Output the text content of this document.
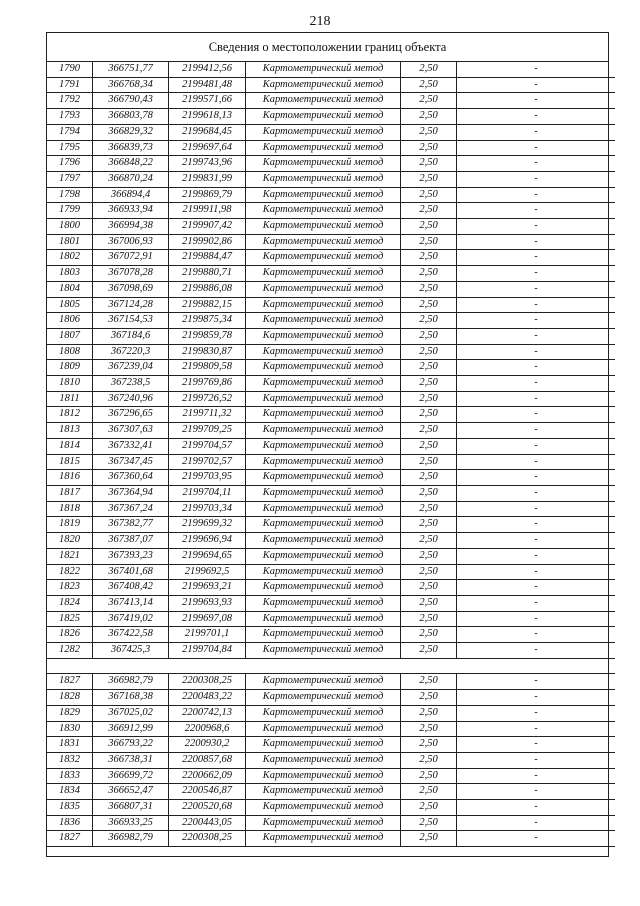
218
Сведения о местоположении границ объекта
1790	366751,77	2199412,56	Картометрический метод	2,50	-
1791	366768,34	2199481,48	Картометрический метод	2,50	-
1792	366790,43	2199571,66	Картометрический метод	2,50	-
1793	366803,78	2199618,13	Картометрический метод	2,50	-
1794	366829,32	2199684,45	Картометрический метод	2,50	-
1795	366839,73	2199697,64	Картометрический метод	2,50	-
1796	366848,22	2199743,96	Картометрический метод	2,50	-
1797	366870,24	2199831,99	Картометрический метод	2,50	-
1798	366894,4	2199869,79	Картометрический метод	2,50	-
1799	366933,94	2199911,98	Картометрический метод	2,50	-
1800	366994,38	2199907,42	Картометрический метод	2,50	-
1801	367006,93	2199902,86	Картометрический метод	2,50	-
1802	367072,91	2199884,47	Картометрический метод	2,50	-
1803	367078,28	2199880,71	Картометрический метод	2,50	-
1804	367098,69	2199886,08	Картометрический метод	2,50	-
1805	367124,28	2199882,15	Картометрический метод	2,50	-
1806	367154,53	2199875,34	Картометрический метод	2,50	-
1807	367184,6	2199859,78	Картометрический метод	2,50	-
1808	367220,3	2199830,87	Картометрический метод	2,50	-
1809	367239,04	2199809,58	Картометрический метод	2,50	-
1810	367238,5	2199769,86	Картометрический метод	2,50	-
1811	367240,96	2199726,52	Картометрический метод	2,50	-
1812	367296,65	2199711,32	Картометрический метод	2,50	-
1813	367307,63	2199709,25	Картометрический метод	2,50	-
1814	367332,41	2199704,57	Картометрический метод	2,50	-
1815	367347,45	2199702,57	Картометрический метод	2,50	-
1816	367360,64	2199703,95	Картометрический метод	2,50	-
1817	367364,94	2199704,11	Картометрический метод	2,50	-
1818	367367,24	2199703,34	Картометрический метод	2,50	-
1819	367382,77	2199699,32	Картометрический метод	2,50	-
1820	367387,07	2199696,94	Картометрический метод	2,50	-
1821	367393,23	2199694,65	Картометрический метод	2,50	-
1822	367401,68	2199692,5	Картометрический метод	2,50	-
1823	367408,42	2199693,21	Картометрический метод	2,50	-
1824	367413,14	2199693,93	Картометрический метод	2,50	-
1825	367419,02	2199697,08	Картометрический метод	2,50	-
1826	367422,58	2199701,1	Картометрический метод	2,50	-
1282	367425,3	2199704,84	Картометрический метод	2,50	-

1827	366982,79	2200308,25	Картометрический метод	2,50	-
1828	367168,38	2200483,22	Картометрический метод	2,50	-
1829	367025,02	2200742,13	Картометрический метод	2,50	-
1830	366912,99	2200968,6	Картометрический метод	2,50	-
1831	366793,22	2200930,2	Картометрический метод	2,50	-
1832	366738,31	2200857,68	Картометрический метод	2,50	-
1833	366699,72	2200662,09	Картометрический метод	2,50	-
1834	366652,47	2200546,87	Картометрический метод	2,50	-
1835	366807,31	2200520,68	Картометрический метод	2,50	-
1836	366933,25	2200443,05	Картометрический метод	2,50	-
1827	366982,79	2200308,25	Картометрический метод	2,50	-
